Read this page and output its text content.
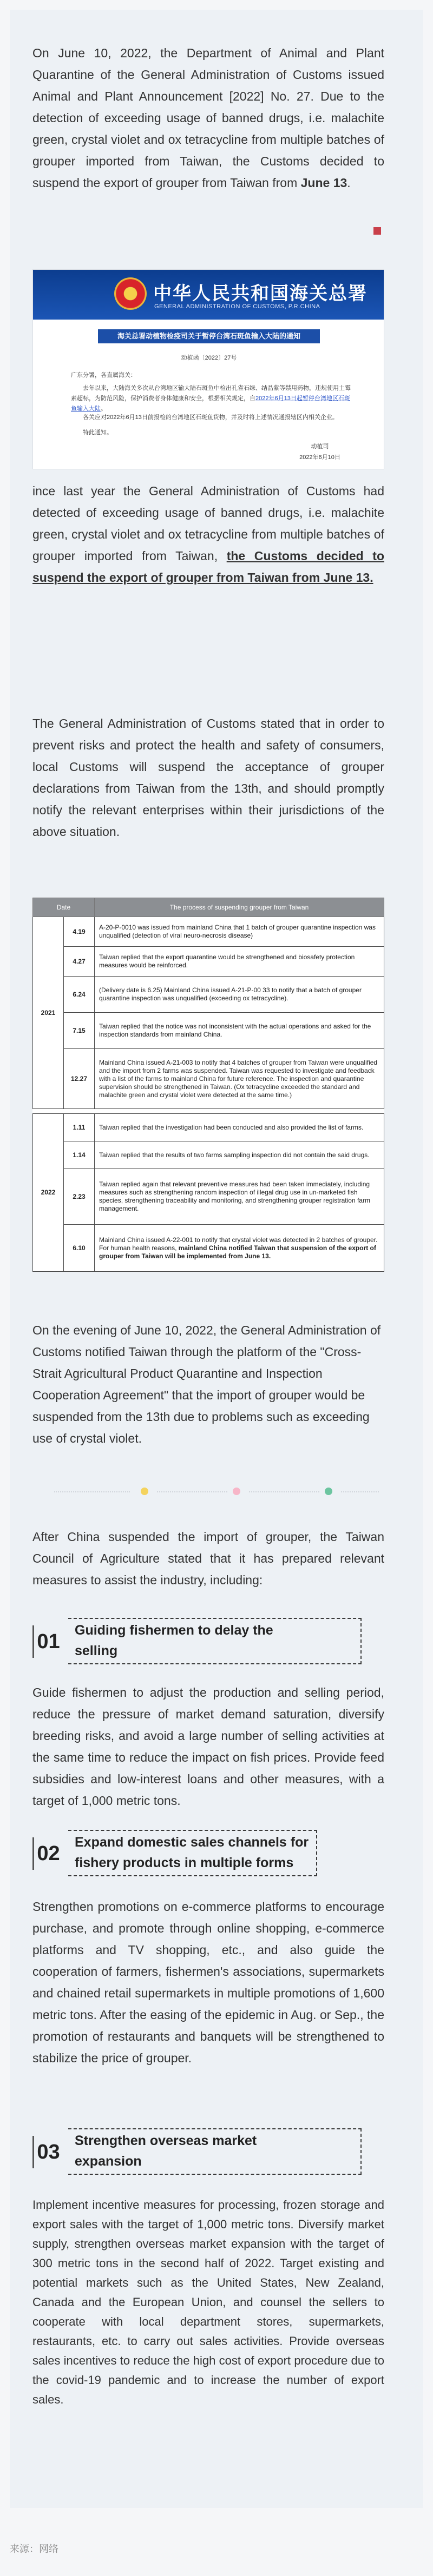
On June 10, 2022, the Department of Animal and Plant Quarantine of the General Administration of Customs issued Animal and Plant Announcement [2022] No. 27. Due to the detection of exceeding usage of banned drugs, i.e. malachite green, crystal violet and ox tetracycline from multiple batches of grouper imported from Taiwan, the Customs decided to suspend the export of grouper from Taiwan from June 13.

中华人民共和国海关总署
GENERAL ADMINISTRATION OF CUSTOMS, P.R.CHINA
海关总署动植物检疫司关于暂停台湾石斑鱼输入大陆的通知
动植函〔2022〕27号
广东分署，各直属海关：
去年以来，大陆海关多次从台湾地区输大陆石斑鱼中检出孔雀石绿、结晶紫等禁用药物，违规使用土霉素超标，为防范风险，保护消费者身体健康和安全，根据相关规定，自2022年6月13日起暂停台湾地区石斑鱼输入大陆。
各关应对2022年6月13日前报检的台湾地区石斑鱼货物，并及时将上述情况通报辖区内相关企业。
特此通知。
动植司
2022年6月10日

ince last year the General Administration of Customs had detected of exceeding usage of banned drugs, i.e. malachite green, crystal violet and ox tetracycline from multiple batches of grouper imported from Taiwan, the Customs decided to suspend the export of grouper from Taiwan from June 13.

The General Administration of Customs stated that in order to prevent risks and protect the health and safety of consumers, local Customs will suspend the acceptance of grouper declarations from Taiwan from the 13th, and should promptly notify the relevant enterprises within their jurisdictions of the above situation.

Date		The process of suspending grouper from Taiwan
2021	4.19	A-20-P-0010 was issued from mainland China that 1 batch of grouper quarantine inspection was unqualified (detection of viral neuro-necrosis disease)
	4.27	Taiwan replied that the export quarantine would be strengthened and biosafety protection measures would be reinforced.
	6.24	(Delivery date is 6.25) Mainland China issued A-21-P-00 33 to notify that a batch of grouper quarantine inspection was unqualified (exceeding ox tetracycline).
	7.15	Taiwan replied that the notice was not inconsistent with the actual operations and asked for the inspection standards from mainland China.
	12.27	Mainland China issued A-21-003 to notify that 4 batches of grouper from Taiwan were unqualified and the import from 2 farms was suspended. Taiwan was requested to investigate and feedback with a list of the farms to mainland China for future reference. The inspection and quarantine supervision should be strengthened in Taiwan. (Ox tetracycline exceeded the standard and malachite green and crystal violet were detected at the same time.)

2022	1.11	Taiwan replied that the investigation had been conducted and also provided the list of farms.
	1.14	Taiwan replied that the results of two farms sampling inspection did not contain the said drugs.
	2.23	Taiwan replied again that relevant preventive measures had been taken immediately, including measures such as strengthening random inspection of illegal drug use in un-marketed fish species, strengthening traceability and monitoring, and strengthening grouper registration farm management.
	6.10	Mainland China issued A-22-001 to notify that crystal violet was detected in 2 batches of grouper. For human health reasons, mainland China notified Taiwan that suspension of the export of grouper from Taiwan will be implemented from June 13.

On the evening of June 10, 2022, the General Administration of Customs notified Taiwan through the platform of the "Cross-Strait Agricultural Product Quarantine and Inspection Cooperation Agreement" that the import of grouper would be suspended from the 13th due to problems such as exceeding use of crystal violet.

After China suspended the import of grouper, the Taiwan Council of Agriculture stated that it has prepared relevant measures to assist the industry, including:

01 Guiding fishermen to delay the
selling

Guide fishermen to adjust the production and selling period, reduce the pressure of market demand saturation, diversify breeding risks, and avoid a large number of selling activities at the same time to reduce the impact on fish prices. Provide feed subsidies and low-interest loans and other measures, with a target of 1,000 metric tons.

02 Expand domestic sales channels for
fishery products in multiple forms

Strengthen promotions on e-commerce platforms to encourage purchase, and promote through online shopping, e-commerce platforms and TV shopping, etc., and also guide the cooperation of farmers, fishermen's associations, supermarkets and chained retail supermarkets in multiple promotions of 1,600 metric tons. After the easing of the epidemic in Aug. or Sep., the promotion of restaurants and banquets will be strengthened to stabilize the price of grouper.

03 Strengthen overseas market
expansion

Implement incentive measures for processing, frozen storage and export sales with the target of 1,000 metric tons. Diversify market supply, strengthen overseas market expansion with the target of 300 metric tons in the second half of 2022. Target existing and potential markets such as the United States, New Zealand, Canada and the European Union, and counsel the sellers to cooperate with local department stores, supermarkets, restaurants, etc. to carry out sales activities. Provide overseas sales incentives to reduce the high cost of export procedure due to the covid-19 pandemic and to increase the number of export sales.

来源：网络
